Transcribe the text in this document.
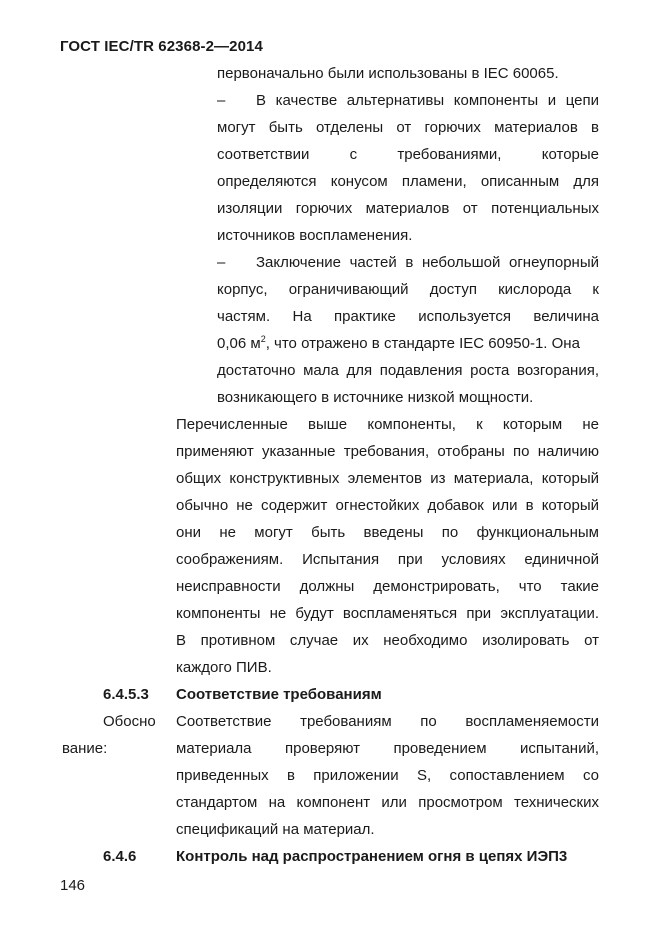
ГОСТ IEC/TR 62368-2—2014
первоначально были использованы в IEC 60065.
– В качестве альтернативы компоненты и цепи
могут быть отделены от горючих материалов в
соответствии с требованиями, которые
определяются конусом пламени, описанным для
изоляции горючих материалов от потенциальных
источников воспламенения.
– Заключение частей в небольшой огнеупорный
корпус, ограничивающий доступ кислорода к
частям. На практике используется величина
0,06 $м^2$, что отражено в стандарте IEC 60950-1. Она
достаточно мала для подавления роста возгорания,
возникающего в источнике низкой мощности.
Перечисленные выше компоненты, к которым не
применяют указанные требования, отобраны по наличию
общих конструктивных элементов из материала, который
обычно не содержит огнестойких добавок или в который
они не могут быть введены по функциональным
соображениям. Испытания при условиях единичной
неисправности должны демонстрировать, что такие
компоненты не будут воспламеняться при эксплуатации.
В противном случае их необходимо изолировать от
каждого ПИВ.
6.4.5.3 Соответствие требованиям
Обосно
вание:
Соответствие требованиям по воспламеняемости
материала проверяют проведением испытаний,
приведенных в приложении S, сопоставлением со
стандартом на компонент или просмотром технических
спецификаций на материал.
6.4.6	Контроль над распространением огня в цепях ИЭП3
146
